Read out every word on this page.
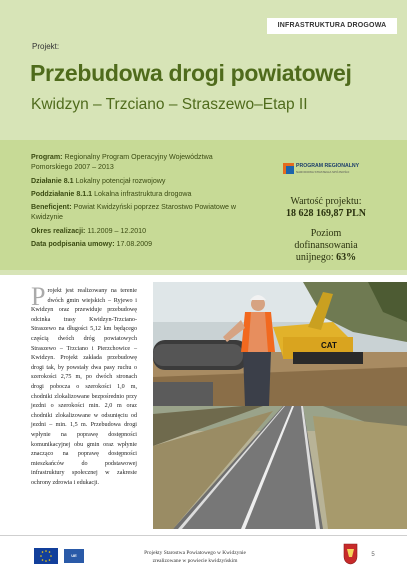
INFRASTRUKTURA DROGOWA
Projekt:
Przebudowa drogi powiatowej
Kwidzyn – Trzciano – Straszewo–Etap II

Program: Regionalny Program Operacyjny Województwa Pomorskiego 2007 – 2013

Działanie 8.1 Lokalny potencjał rozwojowy

Poddziałanie 8.1.1 Lokalna infrastruktura drogowa

Beneficjent: Powiat Kwidzyński poprzez Starostwo Powiatowe w Kwidzynie

Okres realizacji: 11.2009 – 12.2010

Data podpisania umowy: 17.08.2009

PROGRAM REGIONALNY
NARODOWA STRATEGIA SPÓJNOŚCI
Wartość projektu:
18 628 169,87 PLN
Poziom
dofinansowania
unijnego: 63%
Projekt jest realizowany na terenie dwóch gmin wiejskich – Ryjewo i Kwidzyn oraz przewiduje przebudowę odcinka trasy Kwidzyn-Trzciano-Straszewo na długości 5,12 km będącego częścią dwóch dróg powiatowych Straszewo – Trzciano i Pierzchowice – Kwidzyn. Projekt zakłada przebudowę drogi tak, by powstały dwa pasy ruchu o szerokości 2,75 m, po dwóch stronach drogi pobocza o szerokości 1,0 m, chodniki zlokalizowane bezpośrednio przy jezdni o szerokości min. 2,0 m oraz chodniki zlokalizowane w odsunięciu od jezdni – min. 1,5 m. Przebudowa drogi wpłynie na poprawę dostępności komunikacyjnej obu gmin oraz wpłynie znacząco na poprawę dostępności mieszkańców do podstawowej infrastruktury społecznej w zakresie ochrony zdrowia i edukacji.
CAT
UE	Projekty Starostwa Powiatowego w Kwidzynie
zrealizowane w powiecie kwidzyńskim
5
